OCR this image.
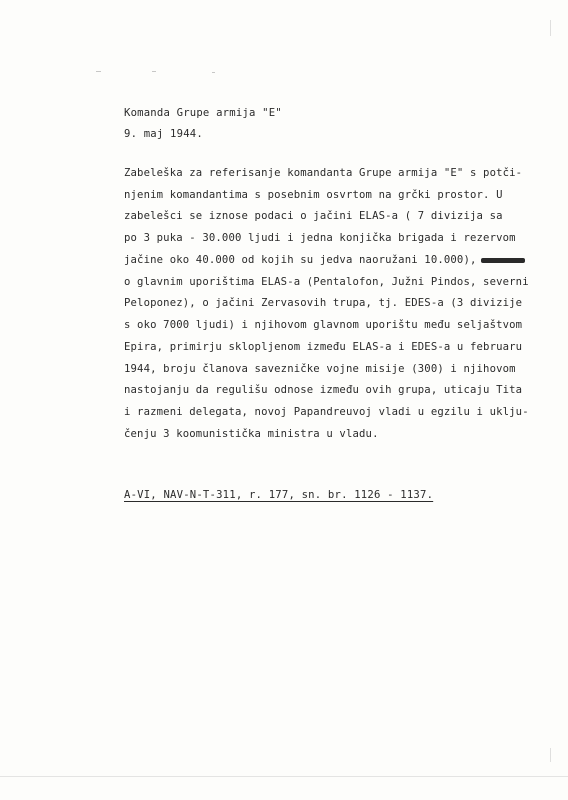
Komanda Grupe armija "E"
9. maj 1944.
Zabeleška za referisanje komandanta Grupe armija "E" s potči-
njenim komandantima s posebnim osvrtom na grčki prostor. U
zabelešci se iznose podaci o jačini ELAS-a ( 7 divizija sa
po 3 puka - 30.000 ljudi i jedna konjička brigada i rezervom
jačine oko 40.000 od kojih su jedva naoružani 10.000),
o glavnim uporištima ELAS-a (Pentalofon, Južni Pindos, severni
Peloponez), o jačini Zervasovih trupa, tj. EDES-a (3 divizije
s oko 7000 ljudi) i njihovom glavnom uporištu među seljaštvom
Epira, primirju sklopljenom između ELAS-a i EDES-a u februaru
1944, broju članova savezničke vojne misije (300) i njihovom
nastojanju da regulišu odnose između ovih grupa, uticaju Tita
i razmeni delegata, novoj Papandreuvoj vladi u egzilu i uklju-
čenju 3 koomunistička ministra u vladu.
A-VI, NAV-N-T-311, r. 177, sn. br. 1126 - 1137.
